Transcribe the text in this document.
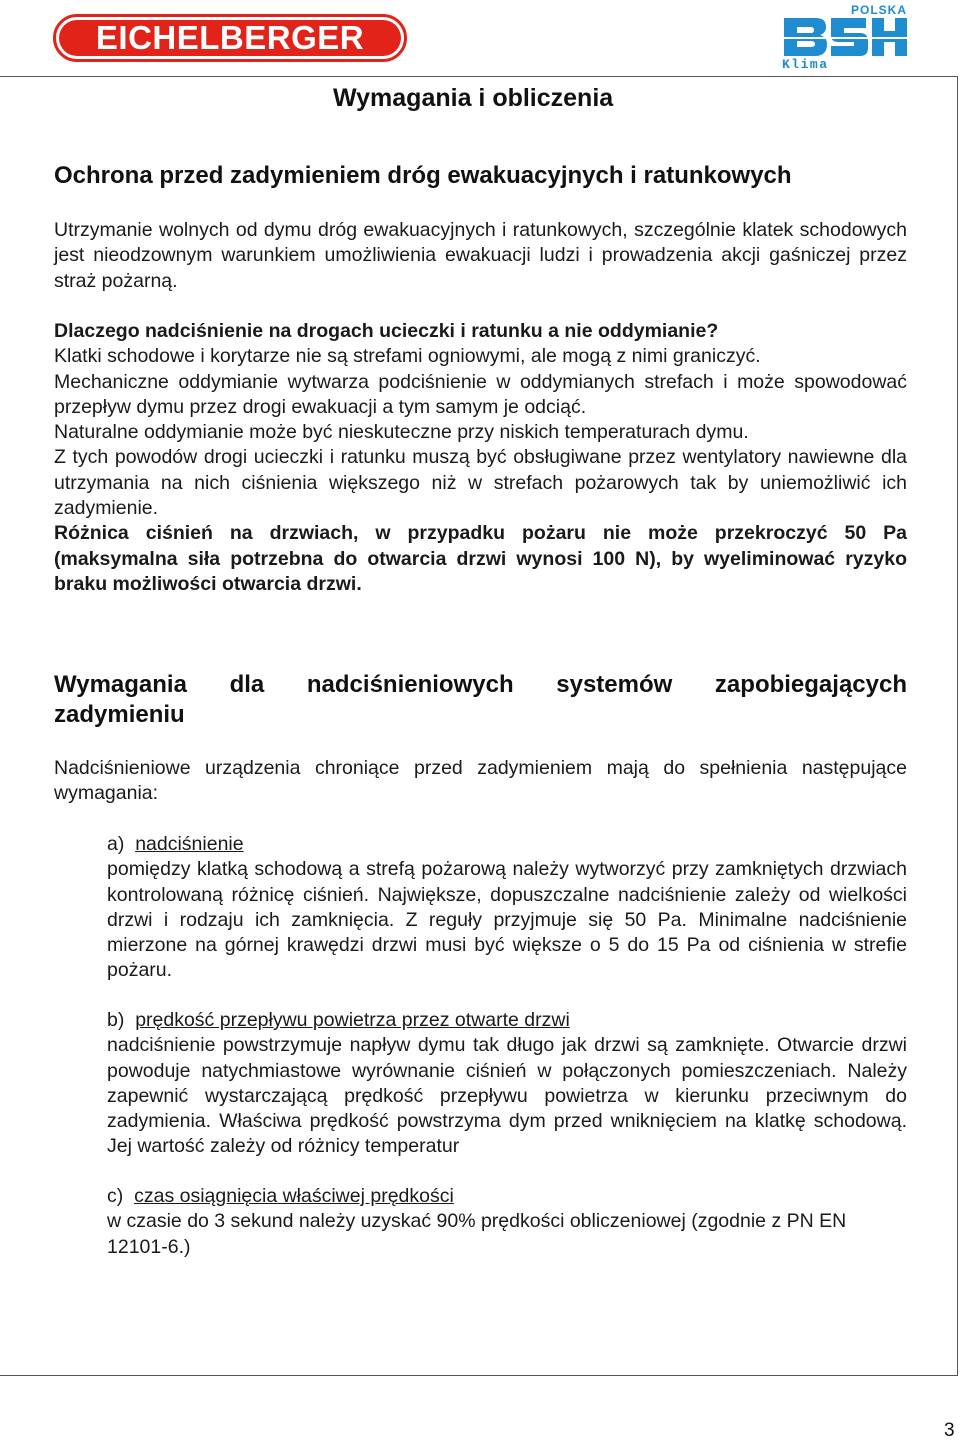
EICHELBERGER
POLSKA
Klima
Wymagania i obliczenia

Ochrona przed zadymieniem dróg ewakuacyjnych i ratunkowych

Utrzymanie wolnych od dymu dróg ewakuacyjnych i ratunkowych, szczególnie klatek schodowych jest nieodzownym warunkiem umożliwienia ewakuacji ludzi i prowadzenia akcji gaśniczej przez straż pożarną.

Dlaczego nadciśnienie na drogach ucieczki i ratunku a nie oddymianie?

Klatki schodowe i korytarze nie są strefami ogniowymi, ale mogą z nimi graniczyć.

Mechaniczne oddymianie wytwarza podciśnienie w oddymianych strefach i może spowodować przepływ dymu przez drogi ewakuacji a tym samym je odciąć.

Naturalne oddymianie może być nieskuteczne przy niskich temperaturach dymu.

Z tych powodów drogi ucieczki i ratunku muszą być obsługiwane przez wentylatory nawiewne dla utrzymania na nich ciśnienia większego niż w strefach pożarowych tak by uniemożliwić ich zadymienie.

Różnica ciśnień na drzwiach, w przypadku pożaru nie może przekroczyć 50 Pa (maksymalna siła potrzebna do otwarcia drzwi wynosi 100 N), by wyeliminować ryzyko braku możliwości otwarcia drzwi.

Wymagania dla nadciśnieniowych systemów zapobiegających zadymieniu

Nadciśnieniowe urządzenia chroniące przed zadymieniem mają do spełnienia następujące wymagania:

a) nadciśnienie

pomiędzy klatką schodową a strefą pożarową należy wytworzyć przy zamkniętych drzwiach kontrolowaną różnicę ciśnień. Największe, dopuszczalne nadciśnienie zależy od wielkości drzwi i rodzaju ich zamknięcia. Z reguły przyjmuje się 50 Pa. Minimalne nadciśnienie mierzone na górnej krawędzi drzwi musi być większe o 5 do 15 Pa od ciśnienia w strefie pożaru.

b) prędkość przepływu powietrza przez otwarte drzwi

nadciśnienie powstrzymuje napływ dymu tak długo jak drzwi są zamknięte. Otwarcie drzwi powoduje natychmiastowe wyrównanie ciśnień w połączonych pomieszczeniach. Należy zapewnić wystarczającą prędkość przepływu powietrza w kierunku przeciwnym do zadymienia. Właściwa prędkość powstrzyma dym przed wniknięciem na klatkę schodową. Jej wartość zależy od różnicy temperatur

c) czas osiągnięcia właściwej prędkości

w czasie do 3 sekund należy uzyskać 90% prędkości obliczeniowej (zgodnie z PN EN 12101-6.)

3
